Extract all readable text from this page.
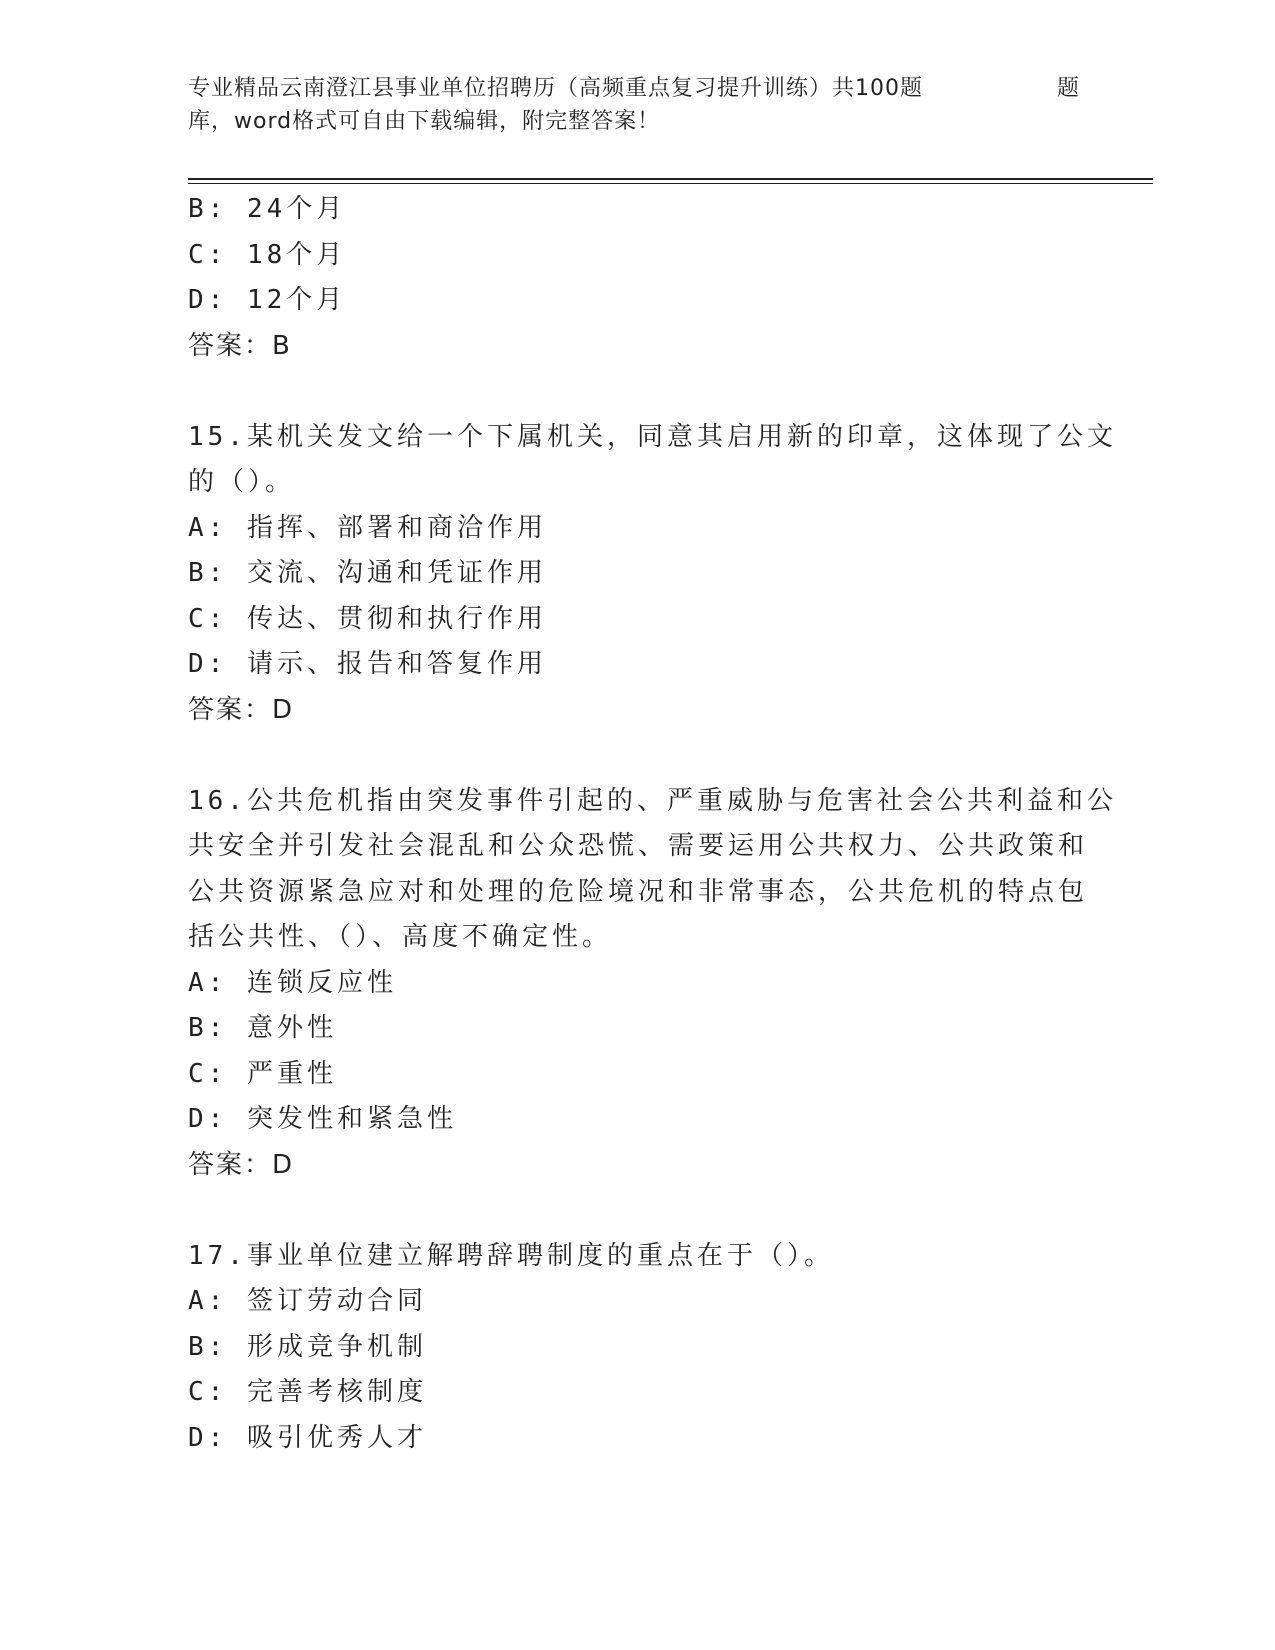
专业精品云南澄江县事业单位招聘历（高频重点复习提升训练）共100题
库，word格式可自由下载编辑，附完整答案！
题
B: 24个月
C: 18个月
D: 12个月
答案：B
15.某机关发文给一个下属机关，同意其启用新的印章，这体现了公文
的（）。
A: 指挥、部署和商洽作用
B: 交流、沟通和凭证作用
C: 传达、贯彻和执行作用
D: 请示、报告和答复作用
答案：D
16.公共危机指由突发事件引起的、严重威胁与危害社会公共利益和公
共安全并引发社会混乱和公众恐慌、需要运用公共权力、公共政策和
公共资源紧急应对和处理的危险境况和非常事态，公共危机的特点包
括公共性、（）、高度不确定性。
A: 连锁反应性
B: 意外性
C: 严重性
D: 突发性和紧急性
答案：D
17.事业单位建立解聘辞聘制度的重点在于（）。
A: 签订劳动合同
B: 形成竞争机制
C: 完善考核制度
D: 吸引优秀人才
